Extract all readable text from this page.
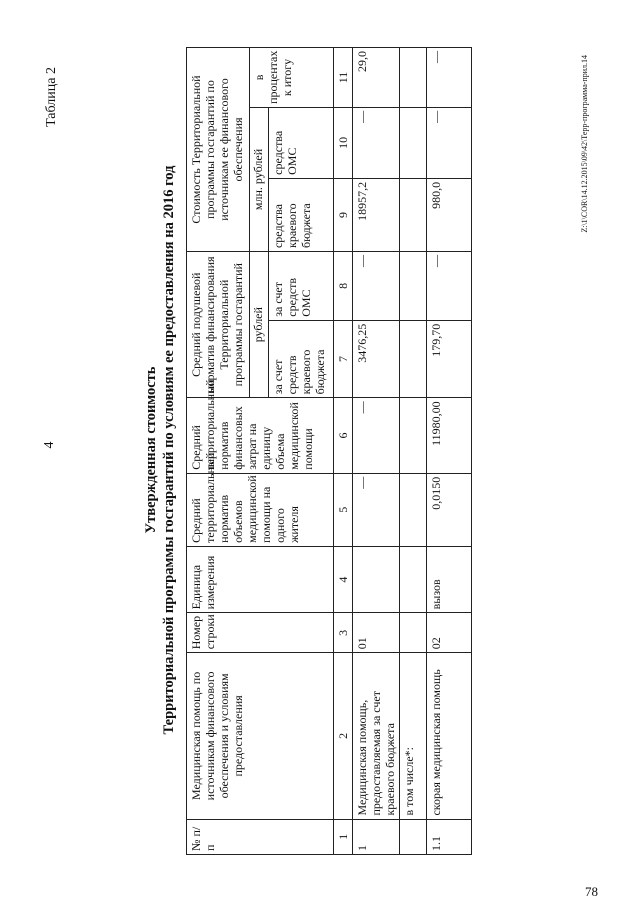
4
78
Таблица 2
Утвержденная стоимость Территориальной программы госгарантий по условиям ее предоставления на 2016 год
№ п/п	Медицинская помощь по источникам финансового обеспечения и условиям предоставления	Номер строки	Единица измерения	Средний территориальный норматив объемов медицинской помощи на одного жителя	Средний территориальный норматив финансовых затрат на единицу объема медицинской помощи	Средний подушевой норматив финансирования Территориальной программы госгарантий		Стоимость Территориальной программы госгарантий по источникам ее финансового обеспечения		
						рублей		млн. рублей		в процентах к итогу
						за счет средств краевого бюджета	за счет средств ОМС	средства краевого бюджета	средства ОМС	
1	2	3	4	5	6	7	8	9	10	11
1	Медицинская помощь, предоставляемая за счет краевого бюджета	01		—	—	3476,25	—	18957,2	—	29,0
	в том числе*:									
1.1	скорая медицинская помощь	02	вызов	0,0150	11980,00	179,70	—	980,0	—	—	Z:\1\COR\14.12.2015\09\42\Терр-программа-прил.14
